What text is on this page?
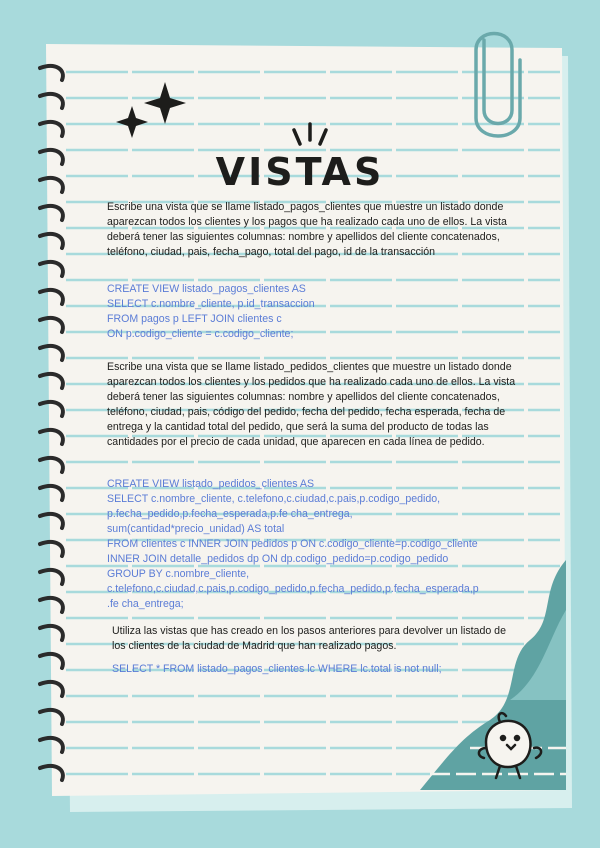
VISTAS

Escribe una vista que se llame listado_pagos_clientes que muestre un listado donde aparezcan todos los clientes y los pagos que ha realizado cada uno de ellos. La vista deberá tener las siguientes columnas: nombre y apellidos del cliente concatenados, teléfono, ciudad, pais, fecha_pago, total del pago, id de la transacción

CREATE VIEW listado_pagos_clientes AS
SELECT c.nombre_cliente, p.id_transaccion
FROM pagos p LEFT JOIN clientes c
ON p.codigo_cliente = c.codigo_cliente;

Escribe una vista que se llame listado_pedidos_clientes que muestre un listado donde aparezcan todos los clientes y los pedidos que ha realizado cada uno de ellos. La vista deberá tener las siguientes columnas: nombre y apellidos del cliente concatenados, teléfono, ciudad, pais, código del pedido, fecha del pedido, fecha esperada, fecha de entrega y la cantidad total del pedido, que será la suma del producto de todas las cantidades por el precio de cada unidad, que aparecen en cada línea de pedido.

CREATE VIEW listado_pedidos_clientes AS
SELECT c.nombre_cliente, c.telefono,c.ciudad,c.pais,p.codigo_pedido,
p.fecha_pedido,p.fecha_esperada,p.fe cha_entrega,
sum(cantidad*precio_unidad) AS total
FROM clientes c INNER JOIN pedidos p ON c.codigo_cliente=p.codigo_cliente
INNER JOIN detalle_pedidos dp ON dp.codigo_pedido=p.codigo_pedido
GROUP BY c.nombre_cliente,
c.telefono,c.ciudad,c.pais,p.codigo_pedido,p.fecha_pedido,p.fecha_esperada,p
.fe cha_entrega;

Utiliza las vistas que has creado en los pasos anteriores para devolver un listado de los clientes de la ciudad de Madrid que han realizado pagos.

SELECT * FROM listado_pagos_clientes lc WHERE lc.total is not null;
